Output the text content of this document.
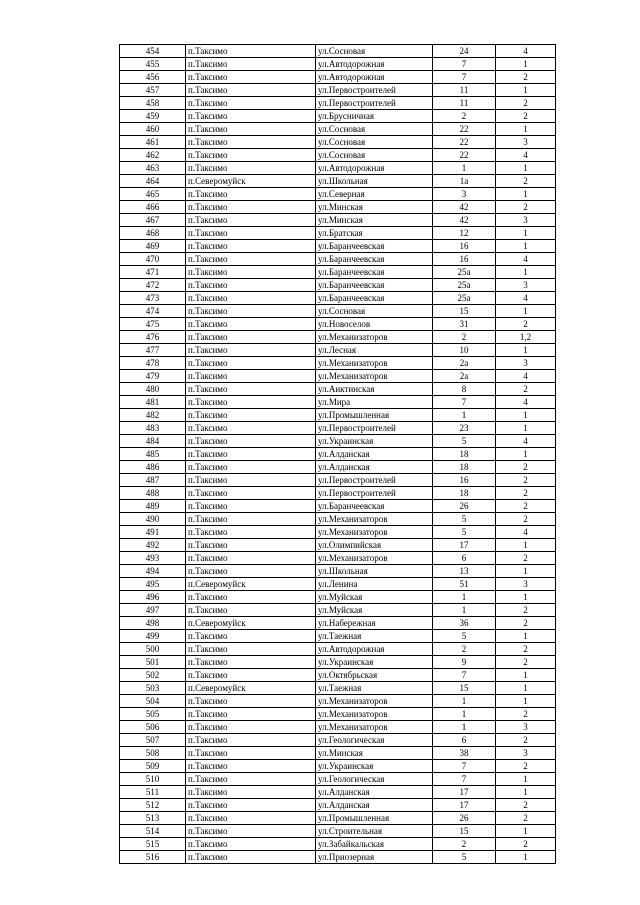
454	п.Таксимо	ул.Сосновая	24	4
455	п.Таксимо	ул.Автодорожная	7	1
456	п.Таксимо	ул.Автодорожная	7	2
457	п.Таксимо	ул.Первостроителей	11	1
458	п.Таксимо	ул.Первостроителей	11	2
459	п.Таксимо	ул.Брусничная	2	2
460	п.Таксимо	ул.Сосновая	22	1
461	п.Таксимо	ул.Сосновая	22	3
462	п.Таксимо	ул.Сосновая	22	4
463	п.Таксимо	ул.Автодорожная	1	1
464	п.Северомуйск	ул.Школьная	1а	2
465	п.Таксимо	ул.Северная	3	1
466	п.Таксимо	ул.Минская	42	2
467	п.Таксимо	ул.Минская	42	3
468	п.Таксимо	ул.Братская	12	1
469	п.Таксимо	ул.Баранчеевская	16	1
470	п.Таксимо	ул.Баранчеевская	16	4
471	п.Таксимо	ул.Баранчеевская	25а	1
472	п.Таксимо	ул.Баранчеевская	25а	3
473	п.Таксимо	ул.Баранчеевская	25а	4
474	п.Таксимо	ул.Сосновая	15	1
475	п.Таксимо	ул.Новоселов	31	2
476	п.Таксимо	ул.Механизаторов	2	1,2
477	п.Таксимо	ул.Лесная	10	1
478	п.Таксимо	ул.Механизаторов	2а	3
479	п.Таксимо	ул.Механизаторов	2а	4
480	п.Таксимо	ул.Аиктинская	8	2
481	п.Таксимо	ул.Мира	7	4
482	п.Таксимо	ул.Промышленная	1	1
483	п.Таксимо	ул.Первостроителей	23	1
484	п.Таксимо	ул.Украинская	5	4
485	п.Таксимо	ул.Алданская	18	1
486	п.Таксимо	ул.Алданская	18	2
487	п.Таксимо	ул.Первостроителей	16	2
488	п.Таксимо	ул.Первостроителей	18	2
489	п.Таксимо	ул.Баранчеевская	26	2
490	п.Таксимо	ул.Механизаторов	5	2
491	п.Таксимо	ул.Механизаторов	5	4
492	п.Таксимо	ул.Олимпийская	17	1
493	п.Таксимо	ул.Механизаторов	6	2
494	п.Таксимо	ул.Школьная	13	1
495	п.Северомуйск	ул.Ленина	51	3
496	п.Таксимо	ул.Муйская	1	1
497	п.Таксимо	ул.Муйская	1	2
498	п.Северомуйск	ул.Набережная	36	2
499	п.Таксимо	ул.Таежная	5	1
500	п.Таксимо	ул.Автодорожная	2	2
501	п.Таксимо	ул.Украинская	9	2
502	п.Таксимо	ул.Октябрьская	7	1
503	п.Северомуйск	ул.Таежная	15	1
504	п.Таксимо	ул.Механизаторов	1	1
505	п.Таксимо	ул.Механизаторов	1	2
506	п.Таксимо	ул.Механизаторов	1	3
507	п.Таксимо	ул.Геологическая	6	2
508	п.Таксимо	ул.Минская	38	3
509	п.Таксимо	ул.Украинская	7	2
510	п.Таксимо	ул.Геологическая	7	1
511	п.Таксимо	ул.Алданская	17	1
512	п.Таксимо	ул.Алданская	17	2
513	п.Таксимо	ул.Промышленная	26	2
514	п.Таксимо	ул.Строительная	15	1
515	п.Таксимо	ул.Забайкальская	2	2
516	п.Таксимо	ул.Приозерная	5	1
